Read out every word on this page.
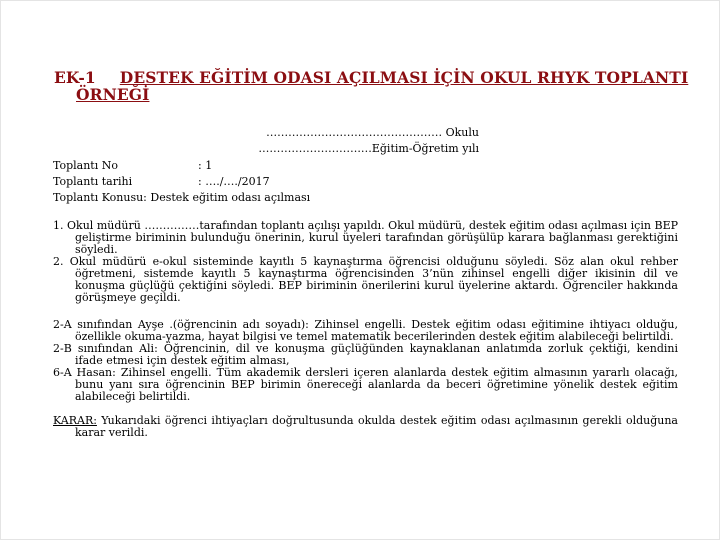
EK-1 DESTEK EĞİTİM ODASI AÇILMASI İÇİN OKUL RHYK TOPLANTI
ÖRNEĞİ
………………………………………… Okulu
……………………….…Eğitim-Öğretim yılı
Toplantı No	: 1
Toplantı tarihi	: …./…./2017
Toplantı Konusu: Destek eğitim odası açılması

1. Okul müdürü ……………tarafından toplantı açılışı yapıldı. Okul müdürü, destek eğitim odası açılması için BEP geliştirme biriminin bulunduğu önerinin, kurul üyeleri tarafından görüşülüp karara bağlanması gerektiğini söyledi.

2. Okul müdürü e-okul sisteminde kayıtlı 5 kaynaştırma öğrencisi olduğunu söyledi. Söz alan okul rehber öğretmeni, sistemde kayıtlı 5 kaynaştırma öğrencisinden 3’nün zihinsel engelli diğer ikisinin dil ve konuşma güçlüğü çektiğini söyledi. BEP biriminin önerilerini kurul üyelerine aktardı. Öğrenciler hakkında görüşmeye geçildi.

2-A sınıfından Ayşe .(öğrencinin adı soyadı): Zihinsel engelli. Destek eğitim odası eğitimine ihtiyacı olduğu, özellikle okuma-yazma, hayat bilgisi ve temel matematik becerilerinden destek eğitim alabileceği belirtildi.

2-B sınıfından Ali: Öğrencinin, dil ve konuşma güçlüğünden kaynaklanan anlatımda zorluk çektiği, kendini ifade etmesi için destek eğitim alması,

6-A Hasan: Zihinsel engelli. Tüm akademik dersleri içeren alanlarda destek eğitim almasının yararlı olacağı, bunu yanı sıra öğrencinin BEP birimin önereceği alanlarda da beceri öğretimine yönelik destek eğitim alabileceği belirtildi.

KARAR: Yukarıdaki öğrenci ihtiyaçları doğrultusunda okulda destek eğitim odası açılmasının gerekli olduğuna karar verildi.
